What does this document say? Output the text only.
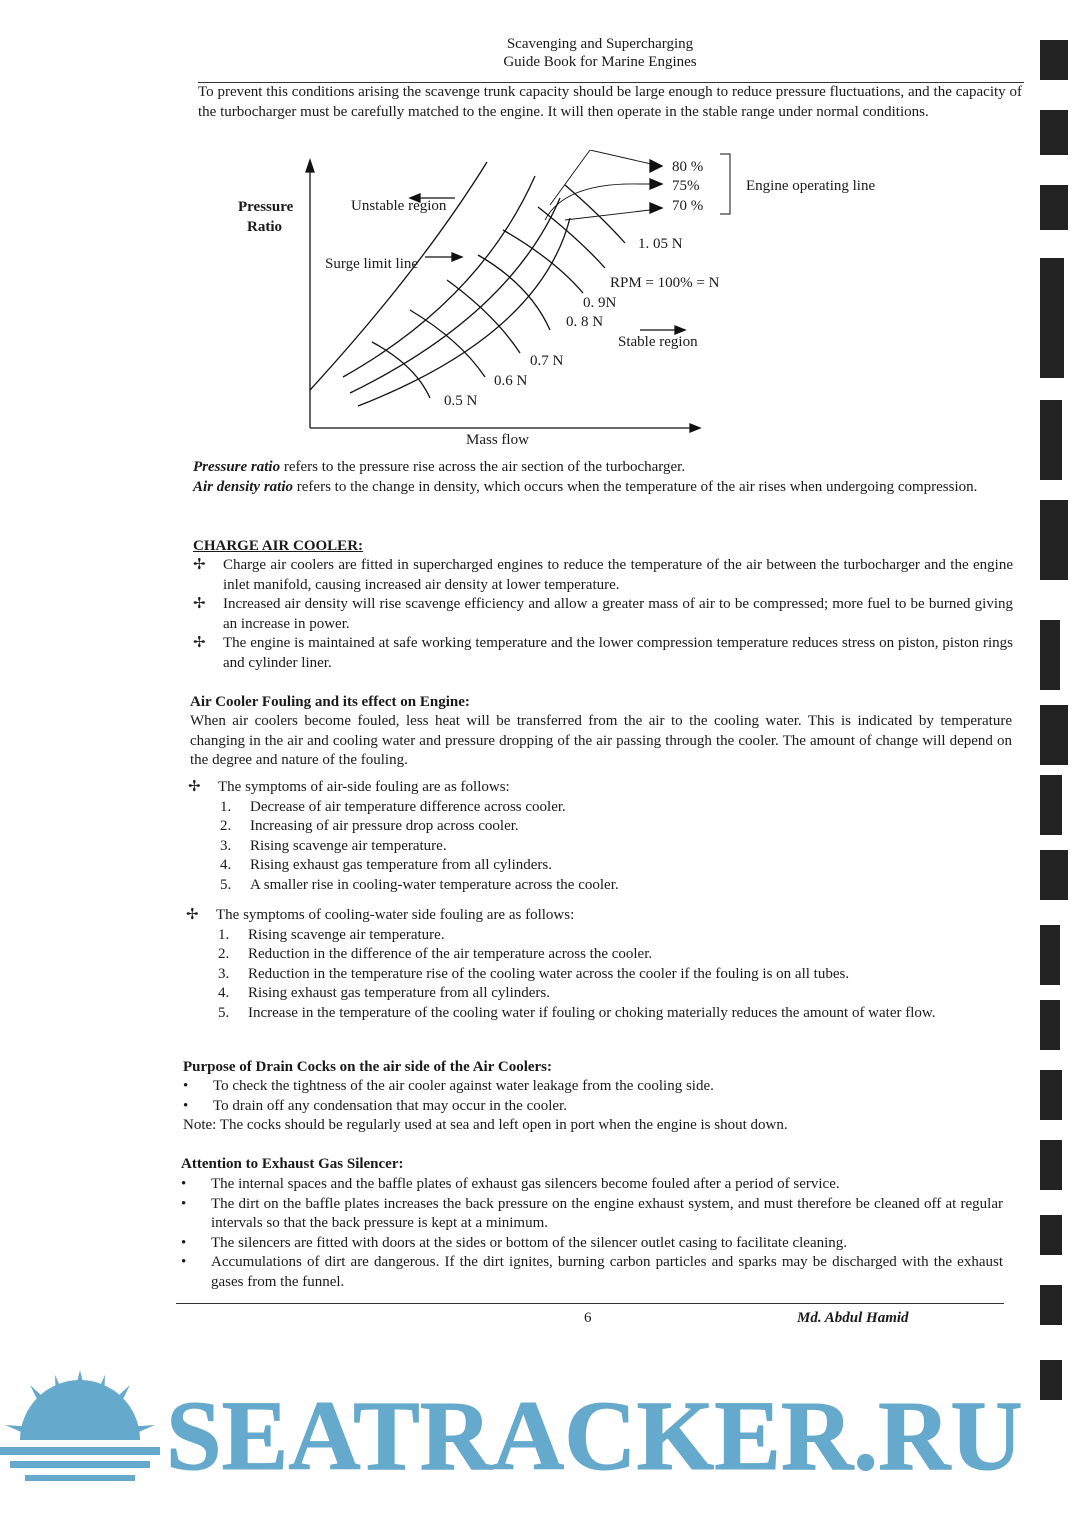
Scavenging and Supercharging
Guide Book for Marine Engines
To prevent this conditions arising the scavenge trunk capacity should be large enough to reduce pressure fluctuations, and the capacity of the turbocharger must be carefully matched to the engine. It will then operate in the stable range under normal conditions.
Pressure
Ratio
Unstable region
Surge limit line
80 %
75%
70 %
Engine operating line
1. 05 N
RPM = 100% = N
0. 9N
0. 8 N
Stable region
0.7 N
0.6 N
0.5 N
Mass flow
Pressure ratio refers to the pressure rise across the air section of the turbocharger.
Air density ratio refers to the change in density, which occurs when the temperature of the air rises when undergoing compression.
CHARGE AIR COOLER:
✢ Charge air coolers are fitted in supercharged engines to reduce the temperature of the air between the turbocharger and the engine inlet manifold, causing increased air density at lower temperature.
✢ Increased air density will rise scavenge efficiency and allow a greater mass of air to be compressed; more fuel to be burned giving an increase in power.
✢ The engine is maintained at safe working temperature and the lower compression temperature reduces stress on piston, piston rings and cylinder liner.
Air Cooler Fouling and its effect on Engine:
When air coolers become fouled, less heat will be transferred from the air to the cooling water. This is indicated by temperature changing in the air and cooling water and pressure dropping of the air passing through the cooler. The amount of change will depend on the degree and nature of the fouling.
✢ The symptoms of air-side fouling are as follows:
1. Decrease of air temperature difference across cooler.
2. Increasing of air pressure drop across cooler.
3. Rising scavenge air temperature.
4. Rising exhaust gas temperature from all cylinders.
5. A smaller rise in cooling-water temperature across the cooler.
✢ The symptoms of cooling-water side fouling are as follows:
1. Rising scavenge air temperature.
2. Reduction in the difference of the air temperature across the cooler.
3. Reduction in the temperature rise of the cooling water across the cooler if the fouling is on all tubes.
4. Rising exhaust gas temperature from all cylinders.
5. Increase in the temperature of the cooling water if fouling or choking materially reduces the amount of water flow.
Purpose of Drain Cocks on the air side of the Air Coolers:
• To check the tightness of the air cooler against water leakage from the cooling side.
• To drain off any condensation that may occur in the cooler.
Note: The cocks should be regularly used at sea and left open in port when the engine is shout down.
Attention to Exhaust Gas Silencer:
• The internal spaces and the baffle plates of exhaust gas silencers become fouled after a period of service.
• The dirt on the baffle plates increases the back pressure on the engine exhaust system, and must therefore be cleaned off at regular intervals so that the back pressure is kept at a minimum.
• The silencers are fitted with doors at the sides or bottom of the silencer outlet casing to facilitate cleaning.
• Accumulations of dirt are dangerous. If the dirt ignites, burning carbon particles and sparks may be discharged with the exhaust gases from the funnel.
6	Md. Abdul Hamid
SEATRACKER.RU
